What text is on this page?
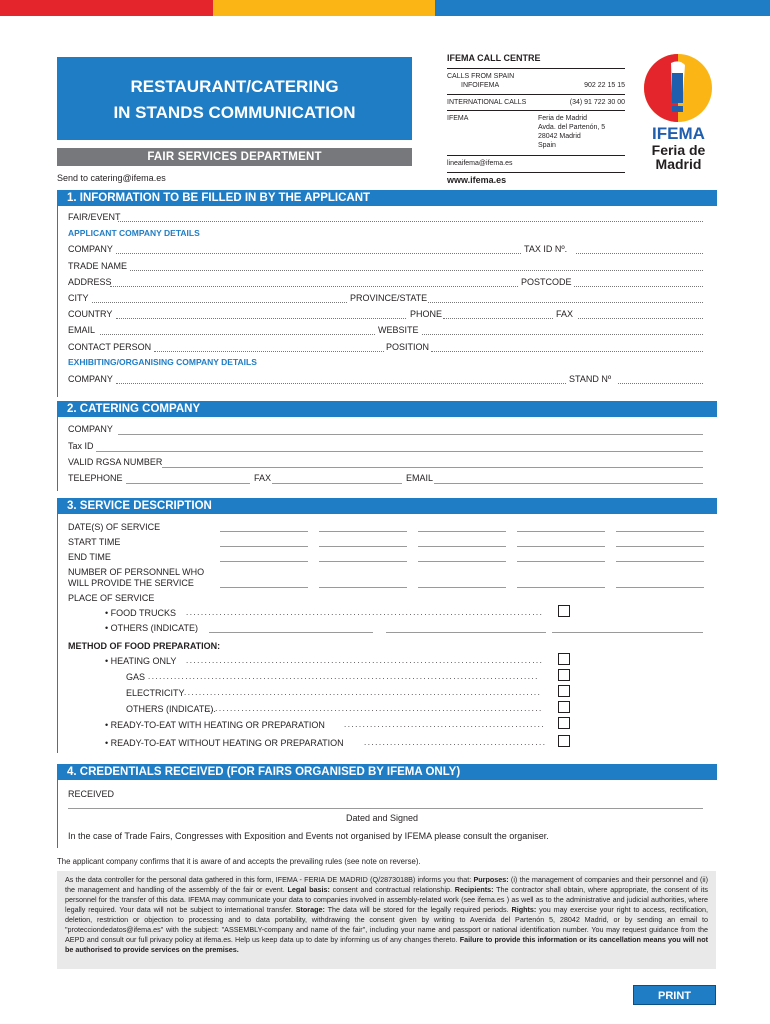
RESTAURANT/CATERING
IN STANDS COMMUNICATION
FAIR SERVICES DEPARTMENT
Send to catering@ifema.es
IFEMA CALL CENTRE
CALLS FROM SPAIN
INFOIFEMA	902 22 15 15
INTERNATIONAL CALLS	(34) 91 722 30 00
IFEMA	Feria de Madrid
Avda. del Partenón, 5
28042 Madrid
Spain
lineaifema@ifema.es
www.ifema.es
IFEMA
Feria de
Madrid
1. INFORMATION TO BE FILLED IN BY THE APPLICANT
FAIR/EVENT
APPLICANT COMPANY DETAILS
COMPANY	TAX ID Nº.
TRADE NAME
ADDRESS	POSTCODE
CITY	PROVINCE/STATE
COUNTRY	PHONE	FAX
EMAIL	WEBSITE
CONTACT PERSON	POSITION
EXHIBITING/ORGANISING COMPANY DETAILS
COMPANY	STAND Nº
2. CATERING COMPANY
COMPANY
Tax ID
VALID RGSA NUMBER
TELEPHONE	FAX	EMAIL
3. SERVICE DESCRIPTION
DATE(S) OF SERVICE
START TIME
END TIME
NUMBER OF PERSONNEL WHO
WILL PROVIDE THE SERVICE
PLACE OF SERVICE
• FOOD TRUCKS ................................................................................................
• OTHERS (INDICATE)
METHOD OF FOOD PREPARATION:
• HEATING ONLY ................................................................................................
GAS .........................................................................................................
ELECTRICITY ................................................................................................
OTHERS (INDICATE).
...........................................................................................
• READY-TO-EAT WITH HEATING OR PREPARATION ......................................................
• READY-TO-EAT WITHOUT HEATING OR PREPARATION	.................................................
4. CREDENTIALS RECEIVED (FOR FAIRS ORGANISED BY IFEMA ONLY)
RECEIVED
Dated and Signed
In the case of Trade Fairs, Congresses with Exposition and Events not organised by IFEMA please consult the organiser.
The applicant company confirms that it is aware of and accepts the prevailing rules (see note on reverse).
As the data controller for the personal data gathered in this form, IFEMA - FERIA DE MADRID (Q/2873018B) informs you that: Purposes: (i) the management of companies and their personnel and (ii) the management and handling of the assembly of the fair or event. Legal basis: consent and contractual relationship. Recipients: The contractor shall obtain, where appropriate, the consent of its personnel for the transfer of this data. IFEMA may communicate your data to companies involved in assembly-related work (see ifema.es ) as well as to the administrative and judicial authorities, where legally required. Your data will not be subject to international transfer. Storage: The data will be stored for the legally required periods. Rights: you may exercise your right to access, rectification, deletion, restriction or objection to processing and to data portability, withdrawing the consent given by writing to Avenida del Partenón 5, 28042 Madrid, or by sending an email to "protecciondedatos@ifema.es" with the subject: "ASSEMBLY-company and name of the fair", including your name and passport or national identification number. You may request guidance from the AEPD and consult our full privacy policy at ifema.es. Help us keep data up to date by informing us of any changes thereto. Failure to provide this information or its cancellation means you will not be authorised to provide services on the premises.
PRINT
